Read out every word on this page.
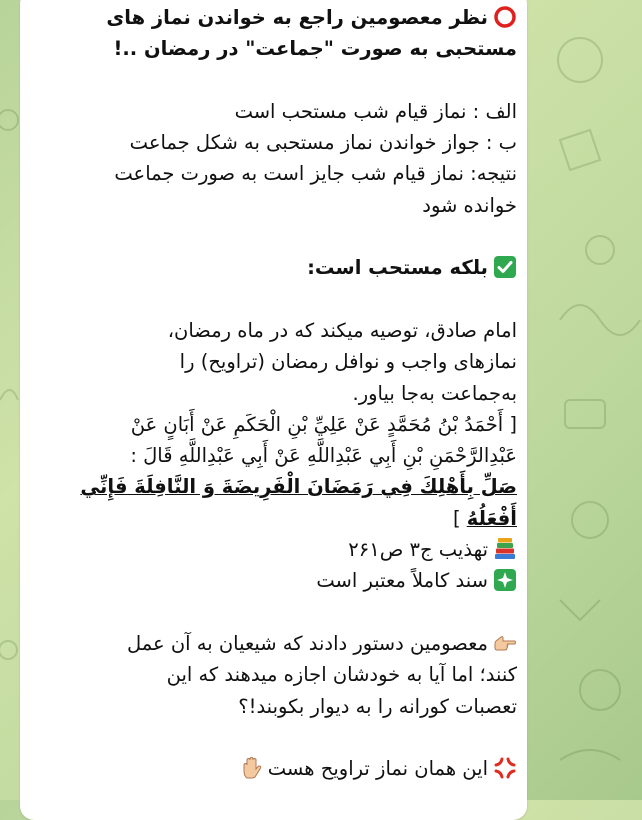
نظر معصومین راجع به خواندن نماز های
مستحبی به صورت "جماعت" در رمضان ..!
الف : نماز قیام شب مستحب است
ب : جواز خواندن نماز مستحبی به شکل جماعت
نتیجه: نماز قیام شب جایز است به صورت جماعت
خوانده شود
بلکه مستحب است:
امام صادق، توصیه میکند که در ماه رمضان،
نمازهای واجب و نوافل رمضان (تراویح) را
به‌جماعت به‌جا بیاور.
[ أَحْمَدُ بْنُ مُحَمَّدٍ عَنْ عَلِيِّ بْنِ الْحَكَمِ عَنْ أَبَانٍ عَنْ
عَبْدِالرَّحْمَنِ بْنِ أَبِي عَبْدِاللَّهِ عَنْ أَبِي عَبْدِاللَّهِ قَالَ :
صَلِّ بِأَهْلِكَ فِي رَمَضَانَ الْفَرِيضَةَ وَ النَّافِلَةَ فَإِنِّي
أَفْعَلُهُ ]
تهذیب ج۳ ص۲۶۱
سند کاملاً معتبر است
معصومین دستور دادند که شیعیان به آن عمل
کنند؛ اما آیا به خودشان اجازه میدهند که این
تعصبات کورانه را به دیوار بکوبند!؟
این همان نماز تراویح هست
